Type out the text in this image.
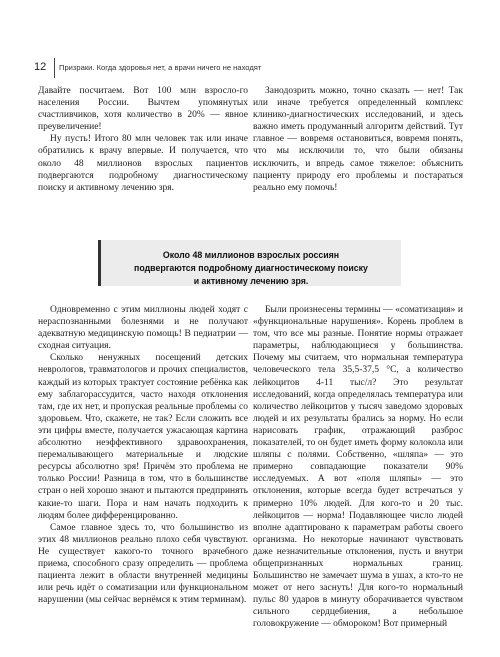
12 Призраки. Когда здоровья нет, а врачи ничего не находят

Давайте посчитаем. Вот 100 млн взросло-го населения России. Вычтем упомянутых счастливчиков, хотя количество в 20% — явное преувеличение!

Ну пусть! Итого 80 млн человек так или иначе обратились к врачу впервые. И получается, что около 48 миллионов взрослых пациентов подвергаются подробному диагностическому поиску и активному лечению зря.

Занодозрить можно, точно сказать — нет! Так или иначе требуется определенный комплекс клинико-диагностических исследований, и здесь важно иметь продуманный алгоритм действий. Тут главное — вовремя остановиться, вовремя понять, что мы исключили то, что были обязаны исключить, и впредь самое тяжелое: объяснить пациенту природу его проблемы и постараться реально ему помочь!

Около 48 миллионов взрослых россиян
подвергаются подробному диагностическому поиску
и активному лечению зря.

Одновременно с этим миллионы людей ходят с нераспознанными болезнями и не получают адекватную медицинскую помощь! В педиатрии — сходная ситуация.

Сколько ненужных посещений детских неврологов, травматологов и прочих специалистов, каждый из которых трактует состояние ребёнка как ему заблагорассудится, часто находя отклонения там, где их нет, и пропуская реальные проблемы со здоровьем. Что, скажете, не так? Если сложить все эти цифры вместе, получается ужасающая картина абсолютно неэффективного здравоохранения, перемалывающего материальные и людские ресурсы абсолютно зря! Причём это проблема не только России! Разница в том, что в большинстве стран о ней хорошо знают и пытаются предпринять какие-то шаги. Пора и нам начать подходить к людям более дифференцированно.

Самое главное здесь то, что большинство из этих 48 миллионов реально плохо себя чувствуют. Не существует какого-то точного врачебного приема, способного сразу определить — проблема пациента лежит в области внутренней медицины или речь идёт о соматизации или функциональном нарушении (мы сейчас вернёмся к этим терминам).

Были произнесены термины — «соматизация» и «функциональные нарушения». Корень проблем в том, что все мы разные. Понятие нормы отражает параметры, наблюдающиеся у большинства. Почему мы считаем, что нормальная температура человеческого тела 35,5-37,5 °С, а количество лейкоцитов 4-11 тыс/л? Это результат исследований, когда определялась температура или количество лейкоцитов у тысяч заведомо здоровых людей и их результаты брались за норму. Но если нарисовать график, отражающий разброс показателей, то он будет иметь форму колокола или шляпы с полями. Собственно, «шляпа» — это примерно совпадающие показатели 90% исследуемых. А вот «поля шляпы» — это отклонения, которые всегда будет встречаться у примерно 10% людей. Для кого-то и 20 тыс. лейкоцитов — норма! Подавляющее число людей вполне адаптировано к параметрам работы своего организма. Но некоторые начинают чувствовать даже незначительные отклонения, пусть и внутри общепризнанных нормальных границ. Большинство не замечает шума в ушах, а кто-то не может от него заснуть! Для кого-то нормальный пульс 80 ударов в минуту оборачивается чувством сильного сердцебиения, а небольшое головокружение — обмороком! Вот примерный
